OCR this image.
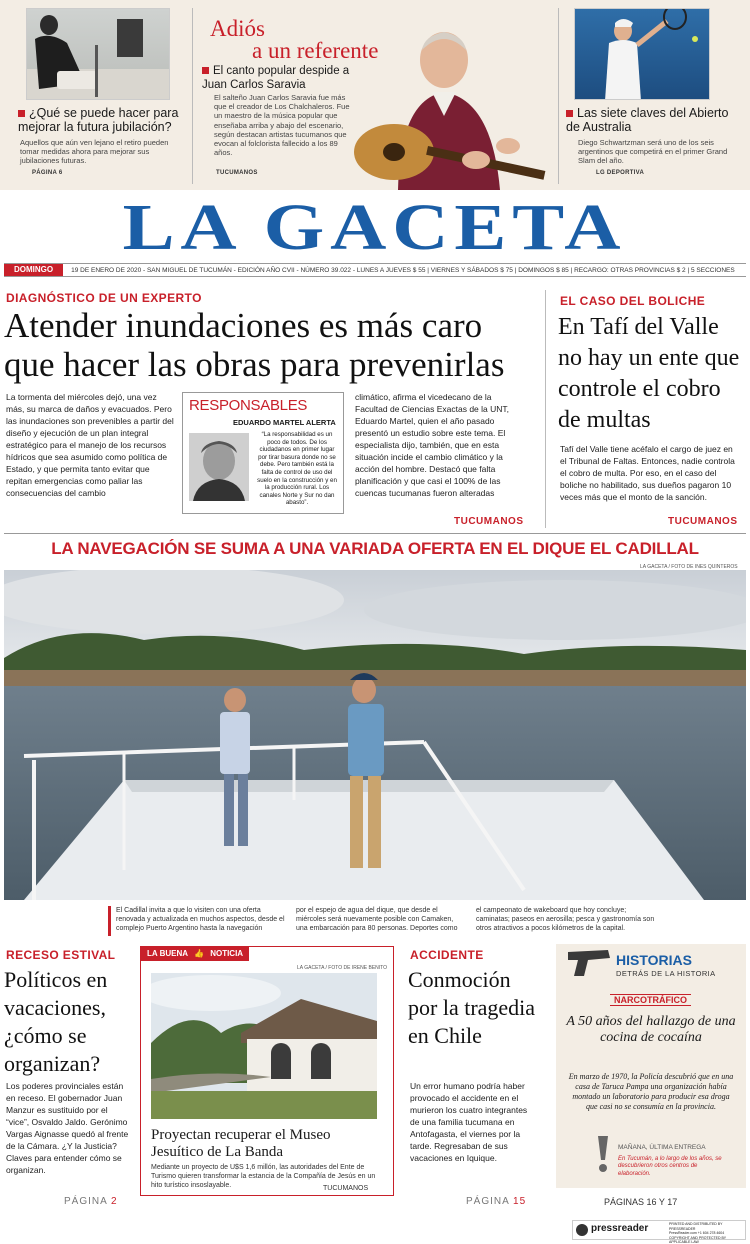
¿Qué se puede hacer para mejorar la futura jubilación?
Aquellos que aún ven lejano el retiro pueden tomar medidas ahora para mejorar sus jubilaciones futuras.
PÁGINA 6
Adiós
a un referente
El canto popular despide a Juan Carlos Saravia
El salteño Juan Carlos Saravia fue más que el creador de Los Chalchaleros. Fue un maestro de la música popular que enseñaba arriba y abajo del escenario, según destacan artistas tucumanos que evocan al folclorista fallecido a los 89 años.
TUCUMANOS
Las siete claves del Abierto de Australia
Diego Schwartzman será uno de los seis argentinos que competirá en el primer Grand Slam del año.
LG DEPORTIVA
LA GACETA
DOMINGO	19 DE ENERO DE 2020 - SAN MIGUEL DE TUCUMÁN - EDICIÓN AÑO CVII - NÚMERO 39.022 - LUNES A JUEVES $ 55 | VIERNES Y SÁBADOS $ 75 | DOMINGOS $ 85 | RECARGO: OTRAS PROVINCIAS $ 2 | 5 SECCIONES
DIAGNÓSTICO DE UN EXPERTO
Atender inundaciones es más caro que hacer las obras para prevenirlas
La tormenta del miércoles dejó, una vez más, su marca de daños y evacuados. Pero las inundaciones son prevenibles a partir del diseño y ejecución de un plan integral estratégico para el manejo de los recursos hídricos que sea asumido como política de Estado, y que permita tanto evitar que repitan emergencias como paliar las consecuencias del cambio
RESPONSABLES
EDUARDO MARTEL ALERTA
“La responsabilidad es un poco de todos. De los ciudadanos en primer lugar por tirar basura donde no se debe. Pero también está la falta de control de uso del suelo en la construcción y en la producción rural. Los canales Norte y Sur no dan abasto”.
climático, afirma el vicedecano de la Facultad de Ciencias Exactas de la UNT, Eduardo Martel, quien el año pasado presentó un estudio sobre este tema. El especialista dijo, también, que en esta situación incide el cambio climático y la acción del hombre. Destacó que falta planificación y que casi el 100% de las cuencas tucumanas fueron alteradas
TUCUMANOS
EL CASO DEL BOLICHE
En Tafí del Valle no hay un ente que controle el cobro de multas
Tafí del Valle tiene acéfalo el cargo de juez en el Tribunal de Faltas. Entonces, nadie controla el cobro de multa. Por eso, en el caso del boliche no habilitado, sus dueños pagaron 10 veces más que el monto de la sanción.
TUCUMANOS
LA NAVEGACIÓN SE SUMA A UNA VARIADA OFERTA EN EL DIQUE EL CADILLAL
LA GACETA / FOTO DE INES QUINTEROS
El Cadillal invita a que lo visiten con una oferta renovada y actualizada en muchos aspectos, desde el complejo Puerto Argentino hasta la navegación
por el espejo de agua del dique, que desde el miércoles será nuevamente posible con Camaken, una embarcación para 80 personas. Deportes como
el campeonato de wakeboard que hoy concluye; caminatas; paseos en aerosilla; pesca y gastronomía son otros atractivos a pocos kilómetros de la capital.
RECESO ESTIVAL
Políticos en vacaciones, ¿cómo se organizan?
Los poderes provinciales están en receso. El gobernador Juan Manzur es sustituido por el “vice”, Osvaldo Jaldo. Gerónimo Vargas Aignasse quedó al frente de la Cámara. ¿Y la Justicia? Claves para entender cómo se organizan.
PÁGINA 2
LA BUENA 👍 NOTICIA
LA GACETA / FOTO DE IRENE BENITO
Proyectan recuperar el Museo Jesuítico de La Banda
Mediante un proyecto de U$S 1,6 millón, las autoridades del Ente de Turismo quieren transformar la estancia de la Compañía de Jesús en un hito turístico insoslayable.	TUCUMANOS
ACCIDENTE
Conmoción por la tragedia en Chile
Un error humano podría haber provocado el accidente en el murieron los cuatro integrantes de una familia tucumana en Antofagasta, el viernes por la tarde. Regresaban de sus vacaciones en Iquique.
PÁGINA 15
HISTORIAS
DETRÁS DE LA HISTORIA
NARCOTRÁFICO
A 50 años del hallazgo de una cocina de cocaína
En marzo de 1970, la Policía descubrió que en una casa de Taruca Pampa una organización había montado un laboratorio para producir esa droga que casi no se consumía en la provincia.
MAÑANA, ÚLTIMA ENTREGA
En Tucumán, a lo largo de los años, se descubrieron otros centros de elaboración.
PÁGINAS 16 Y 17
pressreader	PRINTED AND DISTRIBUTED BY PRESSREADER
PressReader.com +1 604 278 4604
COPYRIGHT AND PROTECTED BY APPLICABLE LAW
